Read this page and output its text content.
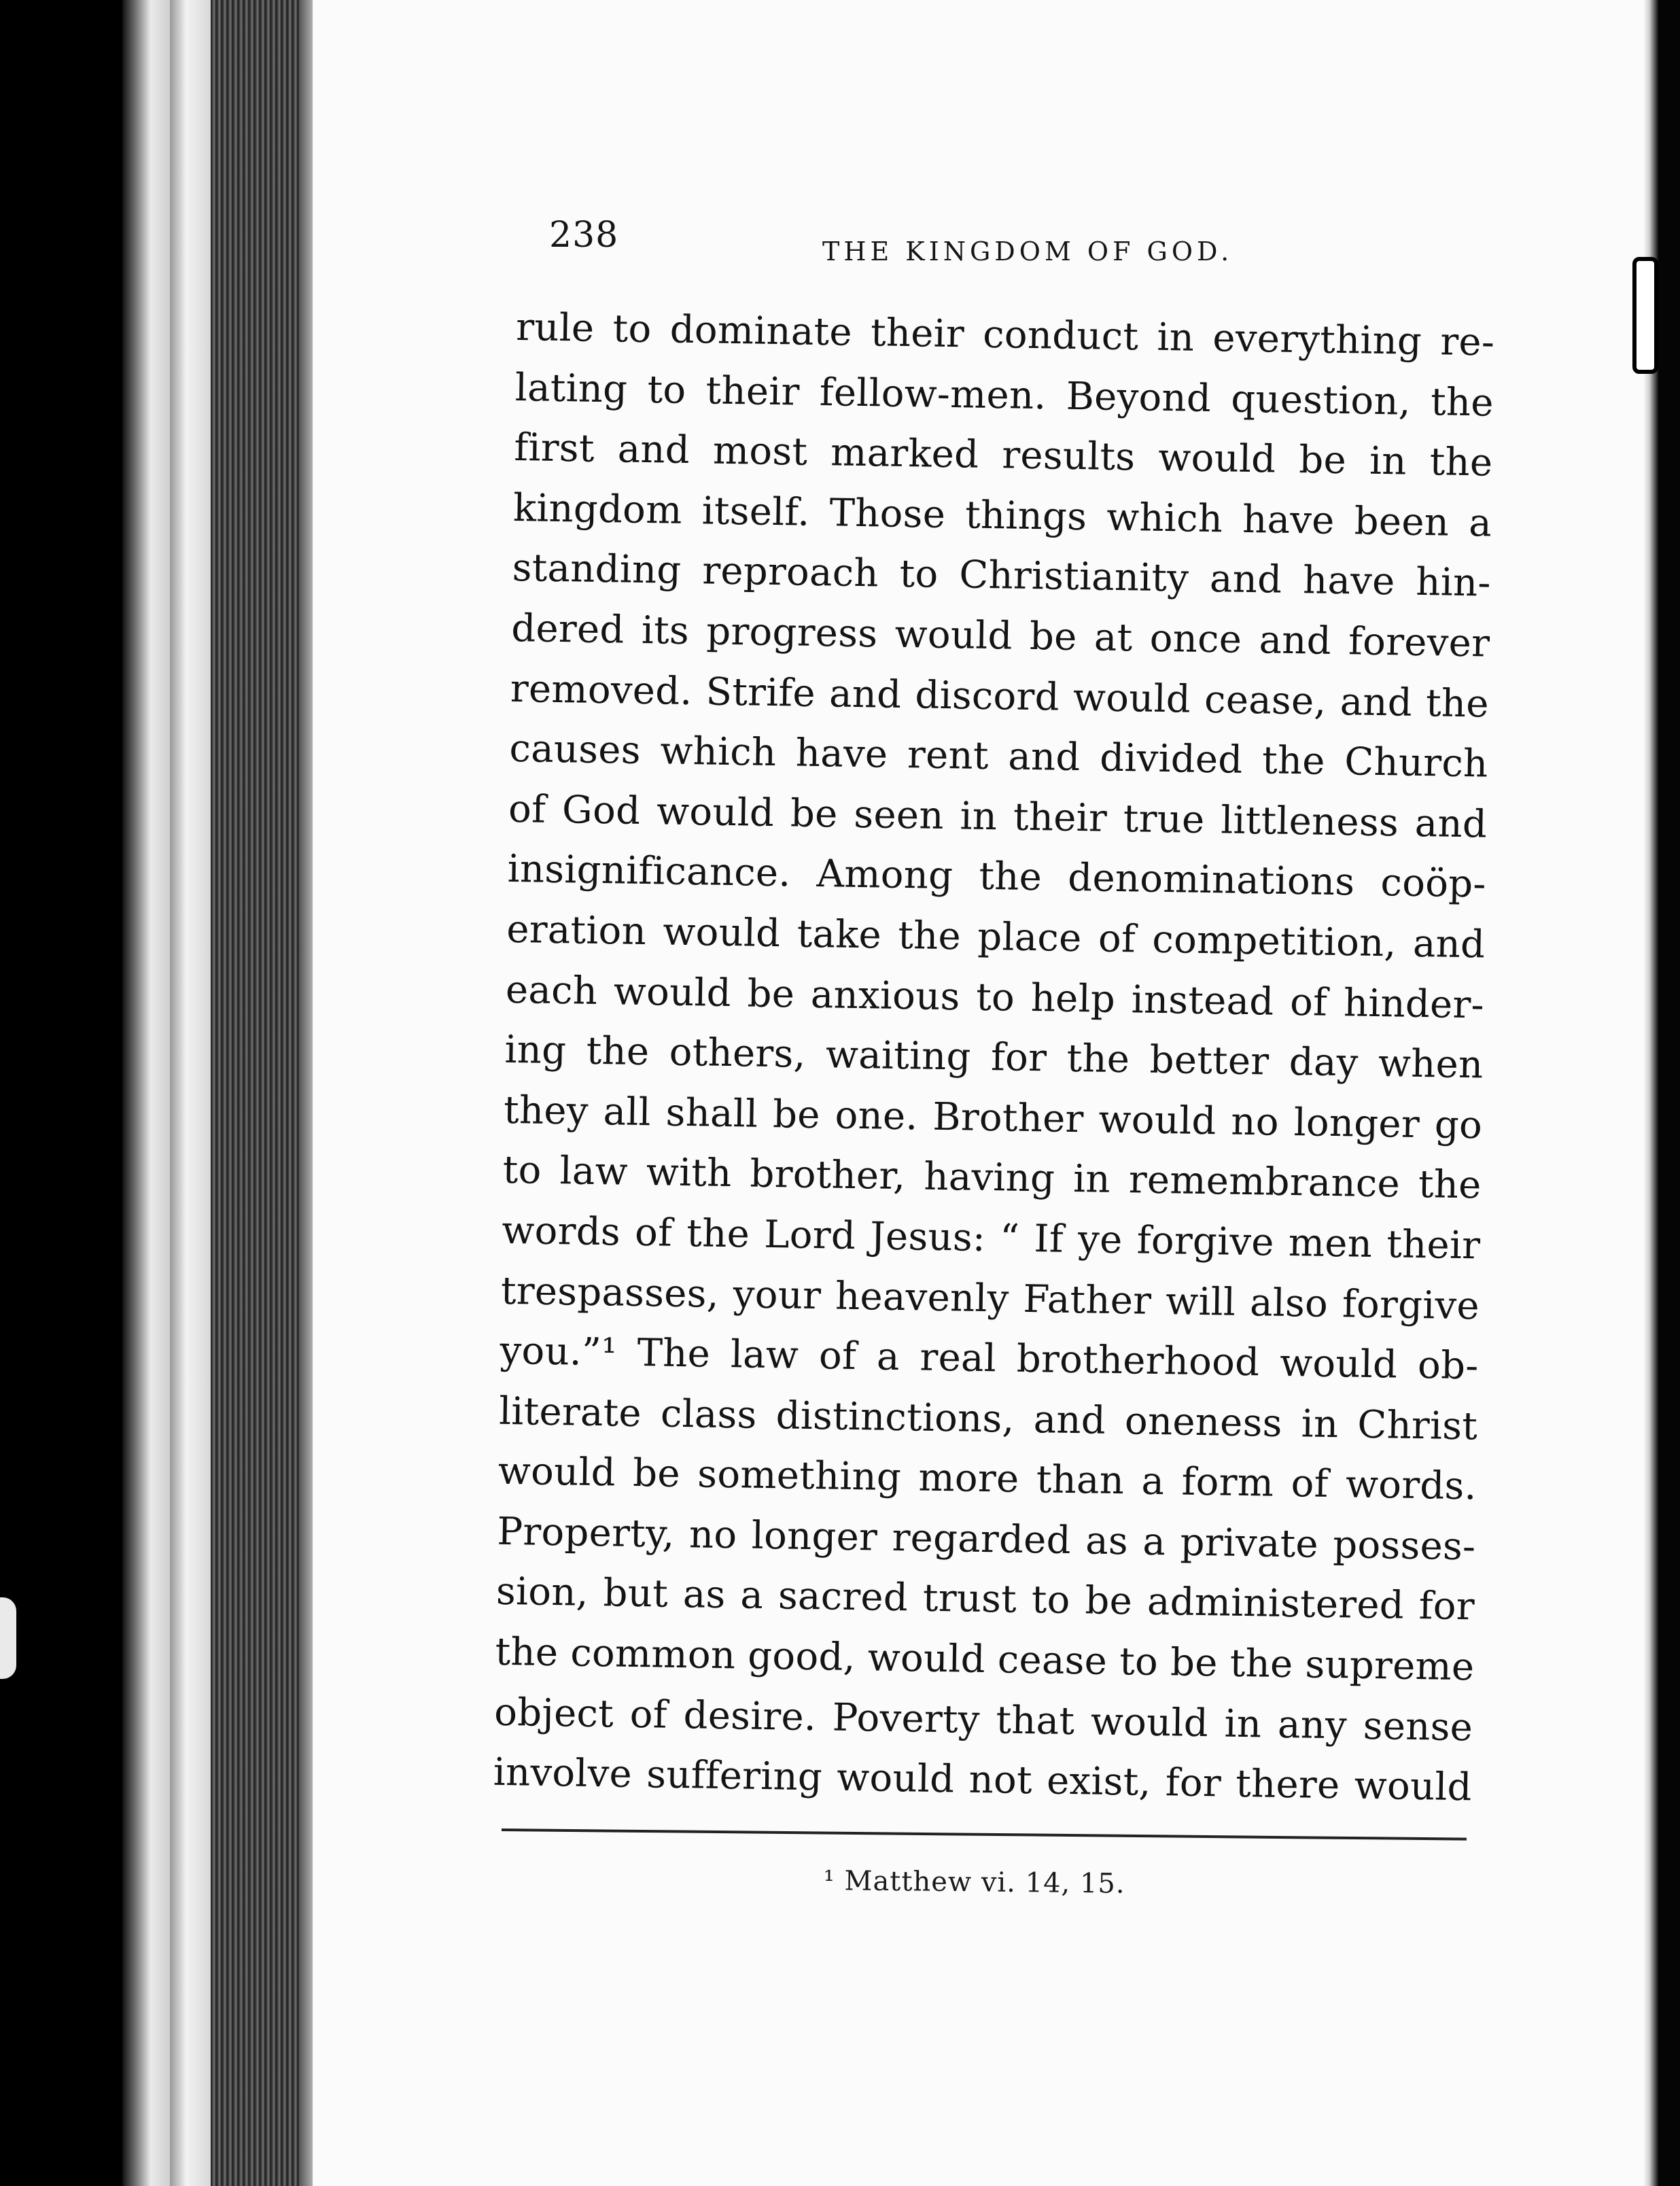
238	THE KINGDOM OF GOD.
rule to dominate their conduct in everything re-
lating to their fellow-men. Beyond question, the
first and most marked results would be in the
kingdom itself. Those things which have been a
standing reproach to Christianity and have hin-
dered its progress would be at once and forever
removed. Strife and discord would cease, and the
causes which have rent and divided the Church
of God would be seen in their true littleness and
insignificance. Among the denominations coöp-
eration would take the place of competition, and
each would be anxious to help instead of hinder-
ing the others, waiting for the better day when
they all shall be one. Brother would no longer go
to law with brother, having in remembrance the
words of the Lord Jesus: “ If ye forgive men their
trespasses, your heavenly Father will also forgive
you.”¹ The law of a real brotherhood would ob-
literate class distinctions, and oneness in Christ
would be something more than a form of words.
Property, no longer regarded as a private posses-
sion, but as a sacred trust to be administered for
the common good, would cease to be the supreme
object of desire. Poverty that would in any sense
involve suffering would not exist, for there would
¹ Matthew vi. 14, 15.
